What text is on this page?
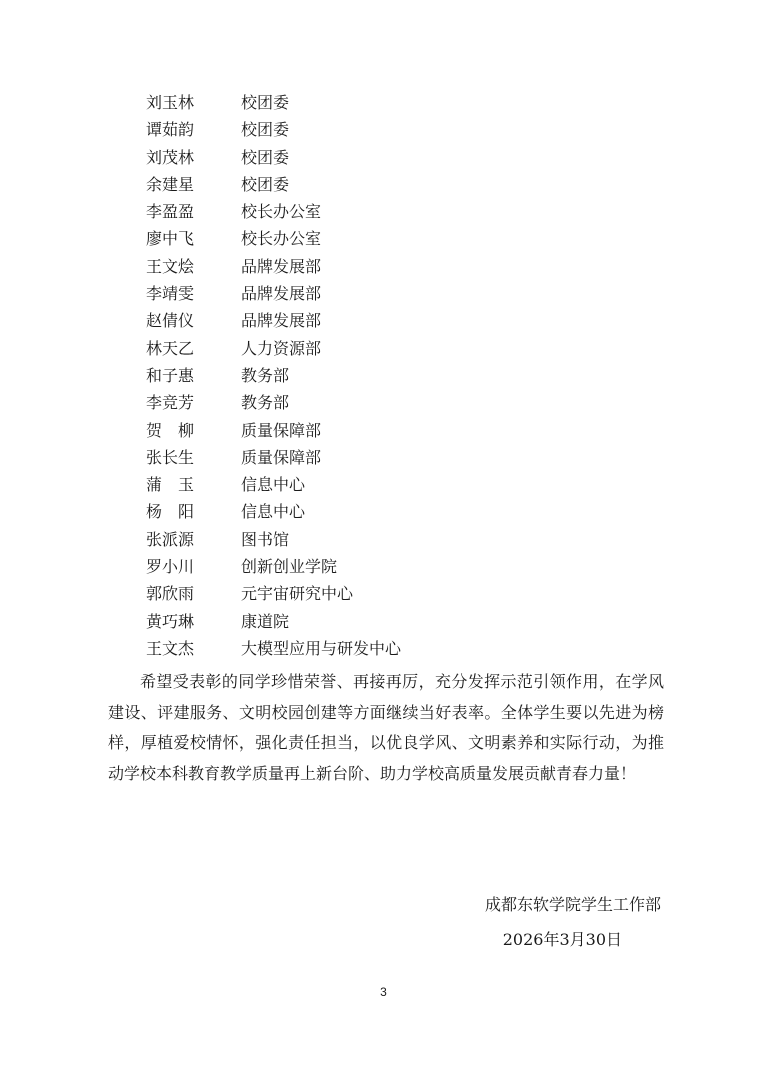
刘玉林	校团委
谭茹韵	校团委
刘茂林	校团委
余建星	校团委
李盈盈	校长办公室
廖中飞	校长办公室
王文烩	品牌发展部
李靖雯	品牌发展部
赵倩仪	品牌发展部
林天乙	人力资源部
和子惠	教务部
李竞芳	教务部
贺　柳	质量保障部
张长生	质量保障部
蒲　玉	信息中心
杨　阳	信息中心
张派源	图书馆
罗小川	创新创业学院
郭欣雨	元宇宙研究中心
黄巧琳	康道院
王文杰	大模型应用与研发中心

希望受表彰的同学珍惜荣誉、再接再厉，充分发挥示范引领作用，在学风建设、评建服务、文明校园创建等方面继续当好表率。全体学生要以先进为榜样，厚植爱校情怀，强化责任担当，以优良学风、文明素养和实际行动，为推动学校本科教育教学质量再上新台阶、助力学校高质量发展贡献青春力量！

成都东软学院学生工作部
2026年3月30日
3
